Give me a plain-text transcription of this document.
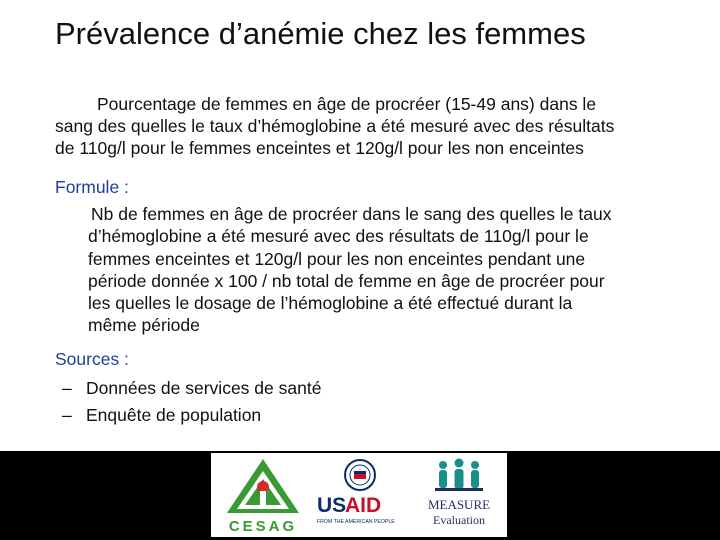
Prévalence d’anémie chez les femmes
Pourcentage de femmes en âge de procréer (15-49 ans) dans le
sang des quelles le taux d’hémoglobine a été mesuré avec des résultats
de 110g/l pour le femmes enceintes et 120g/l pour les non enceintes
Formule :
Nb de femmes en âge de procréer dans le sang des quelles le taux
d’hémoglobine a été mesuré avec des résultats de 110g/l pour le
femmes enceintes et 120g/l pour les non enceintes pendant une
période donnée x 100 / nb total de femme en âge de procréer pour
les quelles le dosage de l’hémoglobine a été effectué durant la
même période
Sources :
– Données de services de santé
– Enquête de population
CESAG
US
AID
FROM THE AMERICAN PEOPLE
MEASURE
Evaluation
